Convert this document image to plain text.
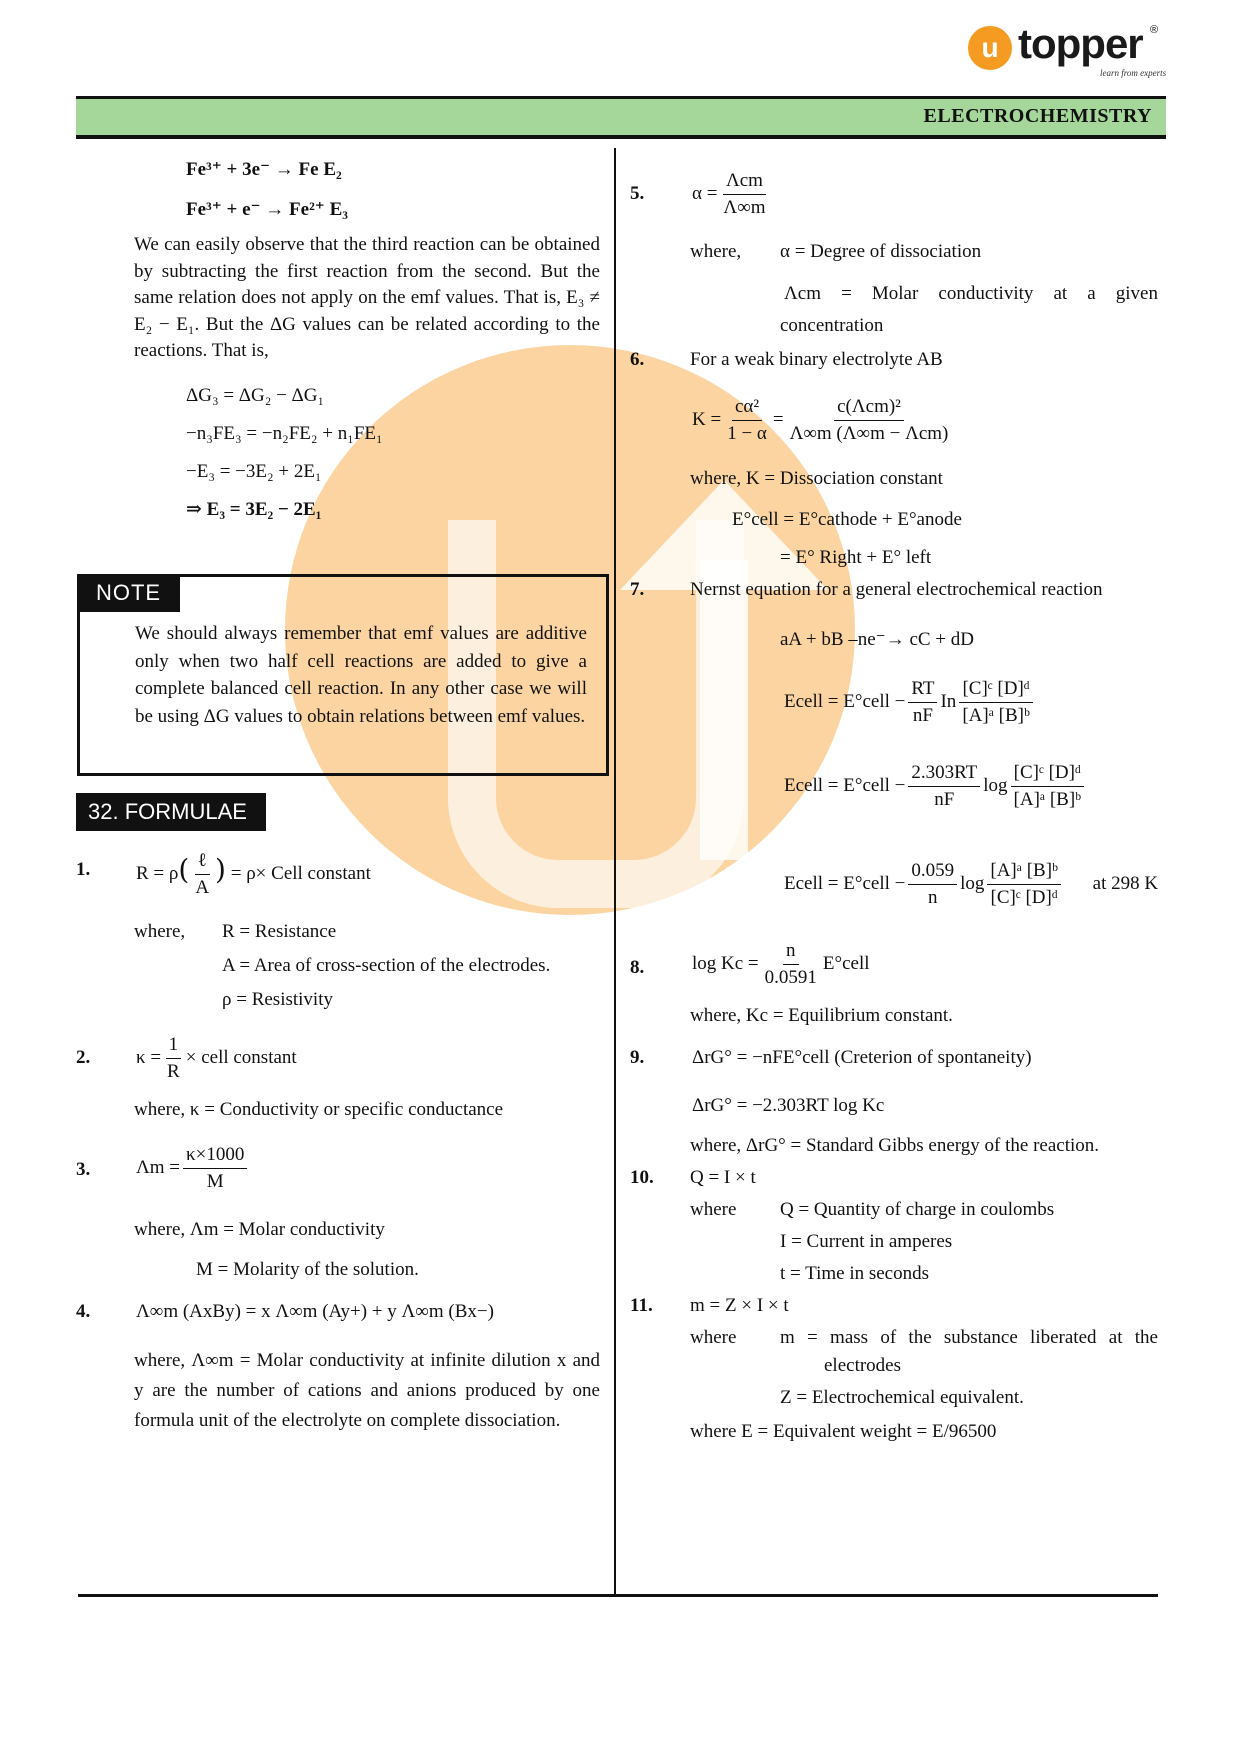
u topper ®
learn from experts
ELECTROCHEMISTRY
Fe³⁺ + 3e⁻ → Fe E₂
Fe³⁺ + e⁻ → Fe²⁺ E₃
We can easily observe that the third reaction can be obtained by subtracting the first reaction from the second. But the same relation does not apply on the emf values. That is, E₃ ≠ E₂ − E₁. But the ΔG values can be related according to the reactions. That is,
ΔG₃ = ΔG₂ − ΔG₁
−n₃FE₃ = −n₂FE₂ + n₁FE₁
−E₃ = −3E₂ + 2E₁
⇒ E₃ = 3E₂ − 2E₁
NOTE
We should always remember that emf values are additive only when two half cell reactions are added to give a complete balanced cell reaction. In any other case we will be using ΔG values to obtain relations between emf values.
32. FORMULAE
1. $R = \rho( \frac{\text{ℓ}}{A}$ ) = ρ× Cell constant
where, R = Resistance
A = Area of cross-section of the electrodes.
ρ = Resistivity
2. $\kappa = \frac{1}{R}$ × cell constant
where, κ = Conductivity or specific conductance
3. $\Lambda m = \frac{\kappa\times 1000}{M}$
where, Λm = Molar conductivity
M = Molarity of the solution.
4. Λ∞m (AxBy) = x Λ∞m (Ay+) + y Λ∞m (Bx−)
where, Λ∞m = Molar conductivity at infinite dilution x and y are the number of cations and anions produced by one formula unit of the electrolyte on complete dissociation.
5.	$\alpha = \frac{\text{Λcm}}{\Lambda\infty m}$
where, α = Degree of dissociation
Λcm = Molar conductivity at a given
concentration
6. For a weak binary electrolyte AB
$K = \frac{\text{cα²}}{1 - \alpha} = \frac{\text{c(Λcm)²}}{\text{Λ∞m (Λ∞m − Λcm)}}$
where, K = Dissociation constant
E°cell = E°cathode + E°anode
= E° Right + E° left
7. Nernst equation for a general electrochemical reaction
aA + bB ⎯ne⁻→ cC + dD
Ecell = E°cell − $\frac{RT}{nF}$ In $\frac{\text{[C]ᶜ [D]ᵈ}}{\text{[A]ᵃ [B]ᵇ}}$
Ecell = E°cell − $\frac{2.303RT}{nF}$ $\log \frac{\text{[C]ᶜ [D]ᵈ}}{\text{[A]ᵃ [B]ᵇ}}$
Ecell = E°cell − $\frac{0.059}{n}$ $\log \frac{\text{[A]ᵃ [B]ᵇ}}{\text{[C]ᶜ [D]ᵈ}}$ at 298 K
8.	$\log Kc = \frac{n}{0.0591}$ E°cell
where, Kc = Equilibrium constant.
9.	ΔrG° = −nFE°cell (Creterion of spontaneity)
ΔrG° = −2.303RT log Kc
where, ΔrG° = Standard Gibbs energy of the reaction.
10. Q = I × t
where Q = Quantity of charge in coulombs
I = Current in amperes
t = Time in seconds
11. m = Z × I × t
where m = mass of the substance liberated at the
electrodes
Z = Electrochemical equivalent.
where E = Equivalent weight = E/96500
